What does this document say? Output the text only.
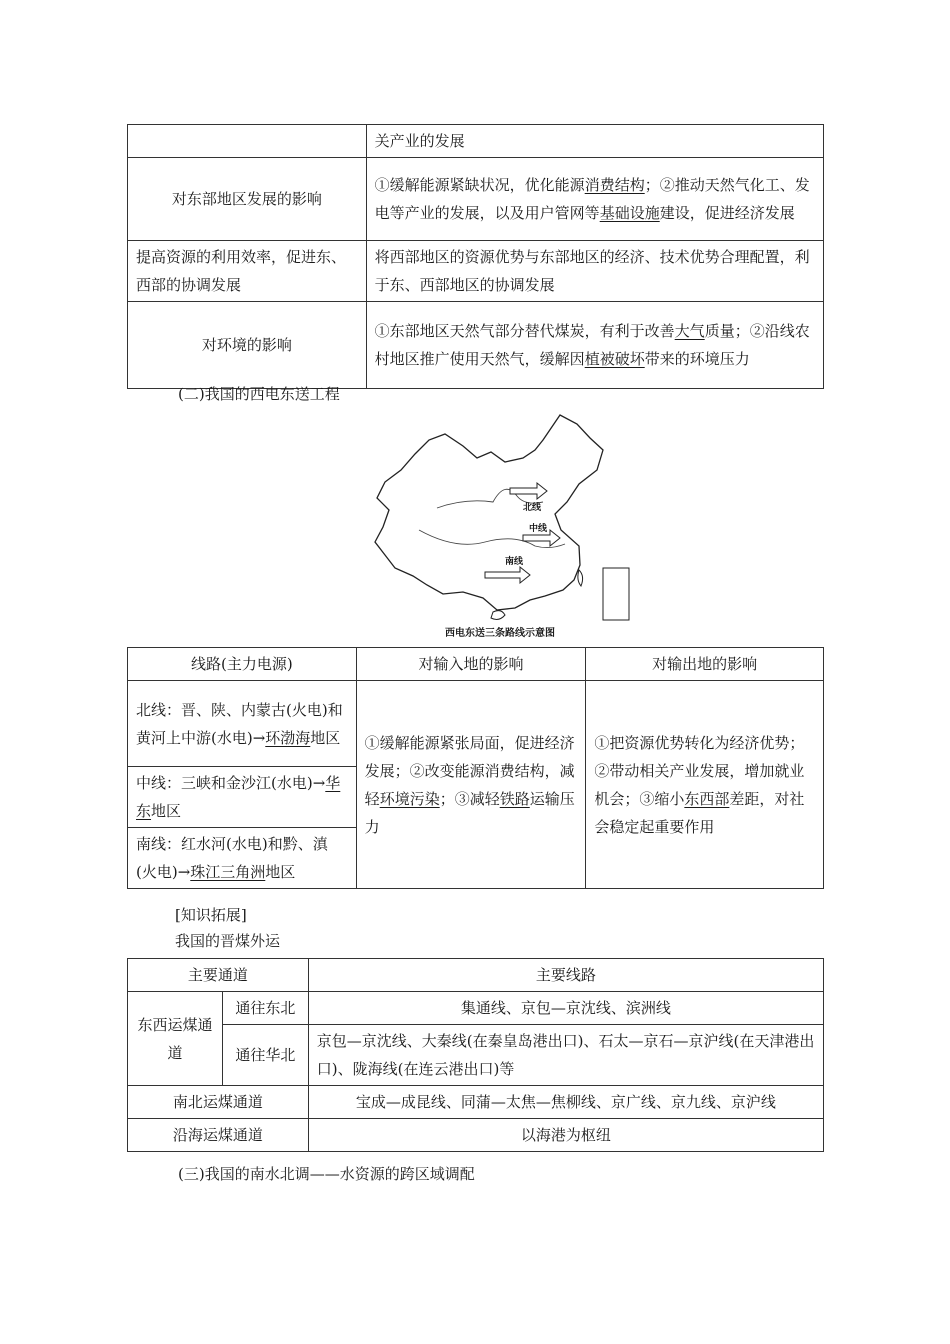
	关产业的发展
对东部地区发展的影响	①缓解能源紧缺状况，优化能源消费结构；②推动天然气化工、发电等产业的发展，以及用户管网等基础设施建设，促进经济发展
提高资源的利用效率，促进东、西部的协调发展	将西部地区的资源优势与东部地区的经济、技术优势合理配置，利于东、西部地区的协调发展
对环境的影响	①东部地区天然气部分替代煤炭，有利于改善大气质量；②沿线农村地区推广使用天然气，缓解因植被破坏带来的环境压力
(二)我国的西电东送工程
北线
中线
南线
西电东送三条路线示意图
线路(主力电源)	对输入地的影响	对输出地的影响
北线：晋、陕、内蒙古(火电)和黄河上中游(水电)→环渤海地区	①缓解能源紧张局面，促进经济发展；②改变能源消费结构，减轻环境污染；③减轻铁路运输压力	①把资源优势转化为经济优势；②带动相关产业发展，增加就业机会；③缩小东西部差距，对社会稳定起重要作用
中线：三峡和金沙江(水电)→华东地区		
南线：红水河(水电)和黔、滇(火电)→珠江三角洲地区		
[知识拓展]
我国的晋煤外运
主要通道		主要线路
东西运煤通道	通往东北	集通线、京包—京沈线、滨洲线
	通往华北	京包—京沈线、大秦线(在秦皇岛港出口)、石太—京石—京沪线(在天津港出口)、陇海线(在连云港出口)等
南北运煤通道		宝成—成昆线、同蒲—太焦—焦柳线、京广线、京九线、京沪线
沿海运煤通道		以海港为枢纽
(三)我国的南水北调——水资源的跨区域调配
